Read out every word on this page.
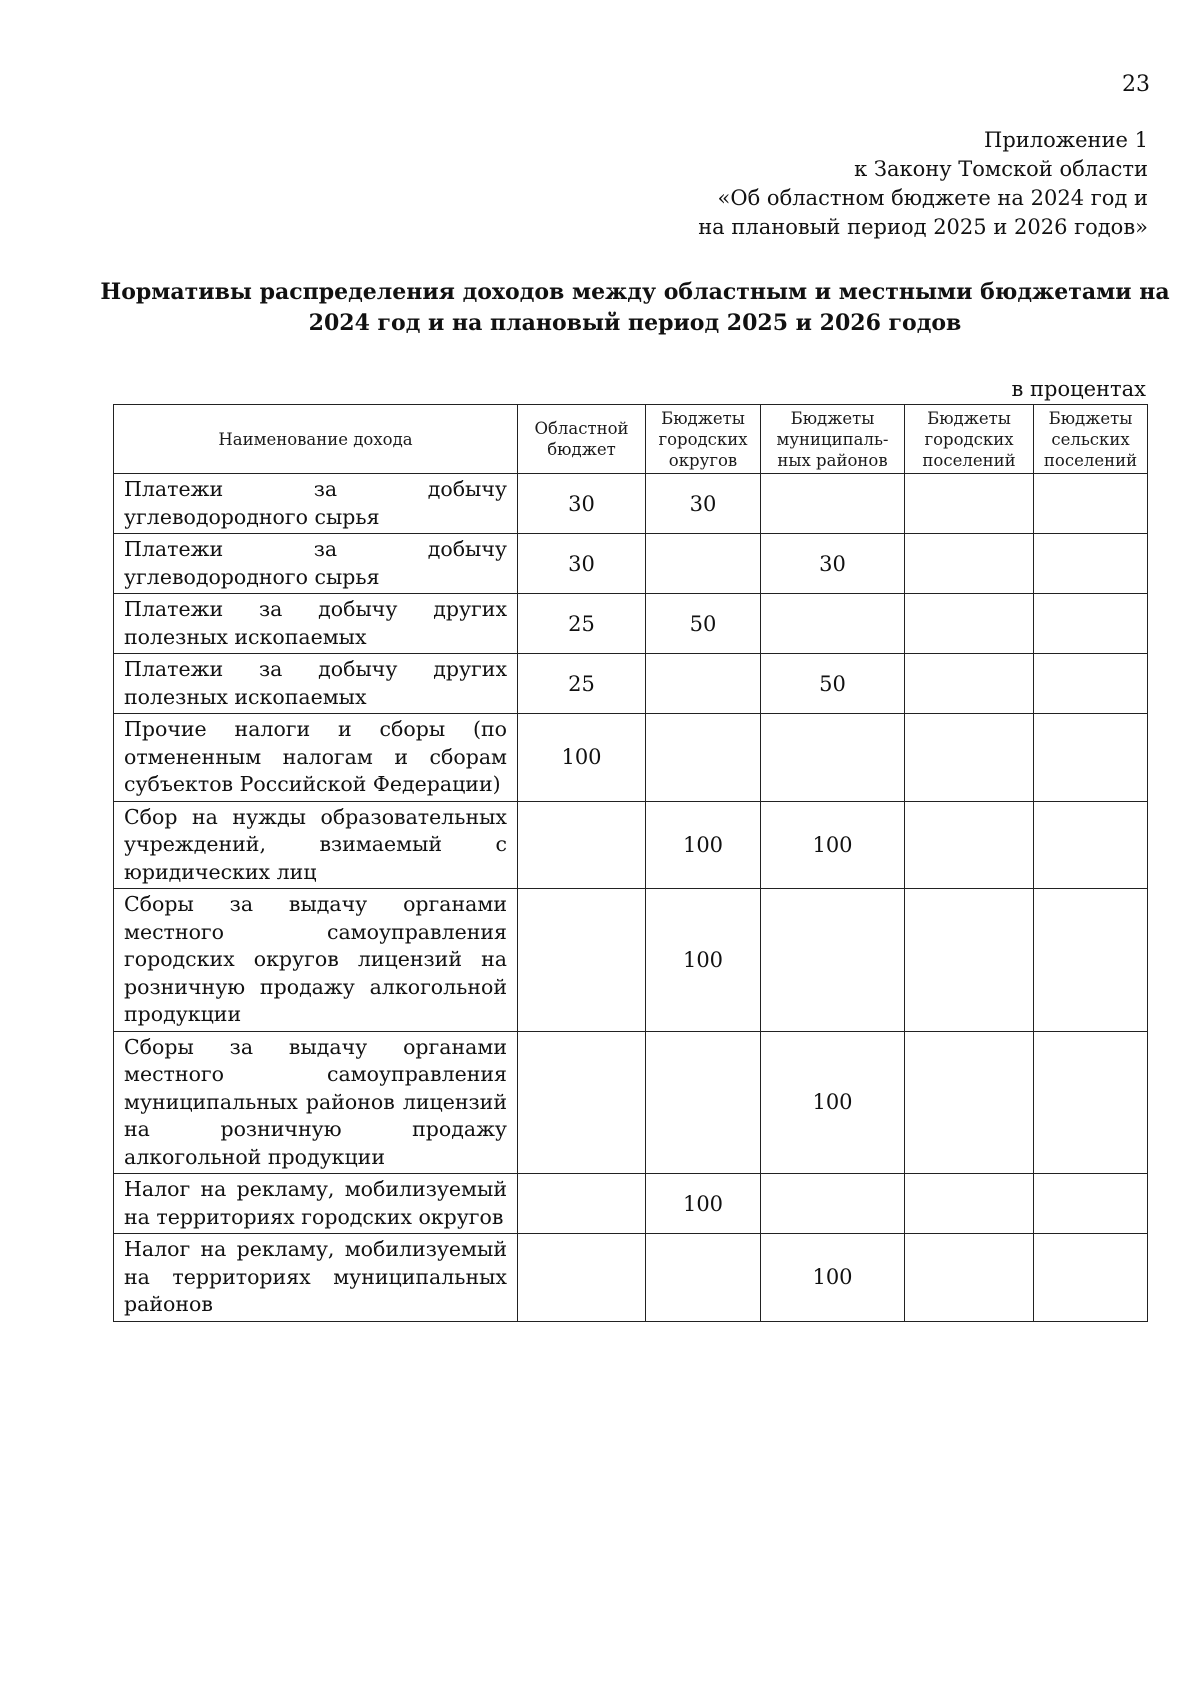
23
Приложение 1
к Закону Томской области
«Об областном бюджете на 2024 год и
на плановый период 2025 и 2026 годов»
Нормативы распределения доходов между областным и местными бюджетами на
2024 год и на плановый период 2025 и 2026 годов
в процентах
Наименование дохода	Областной бюджет	Бюджеты городских округов	Бюджеты муниципаль-ных районов	Бюджеты городских поселений	Бюджеты сельских поселений
Платежи за добычу углеводородного сырья	30	30			
Платежи за добычу углеводородного сырья	30		30		
Платежи за добычу других полезных ископаемых	25	50			
Платежи за добычу других полезных ископаемых	25		50		
Прочие налоги и сборы (по отмененным налогам и сборам субъектов Российской Федерации)	100				
Сбор на нужды образовательных учреждений, взимаемый с юридических лиц		100	100		
Сборы за выдачу органами местного самоуправления городских округов лицензий на розничную продажу алкогольной продукции		100			
Сборы за выдачу органами местного самоуправления муниципальных районов лицензий на розничную продажу алкогольной продукции			100		
Налог на рекламу, мобилизуемый на территориях городских округов		100			
Налог на рекламу, мобилизуемый на территориях муниципальных районов			100		
